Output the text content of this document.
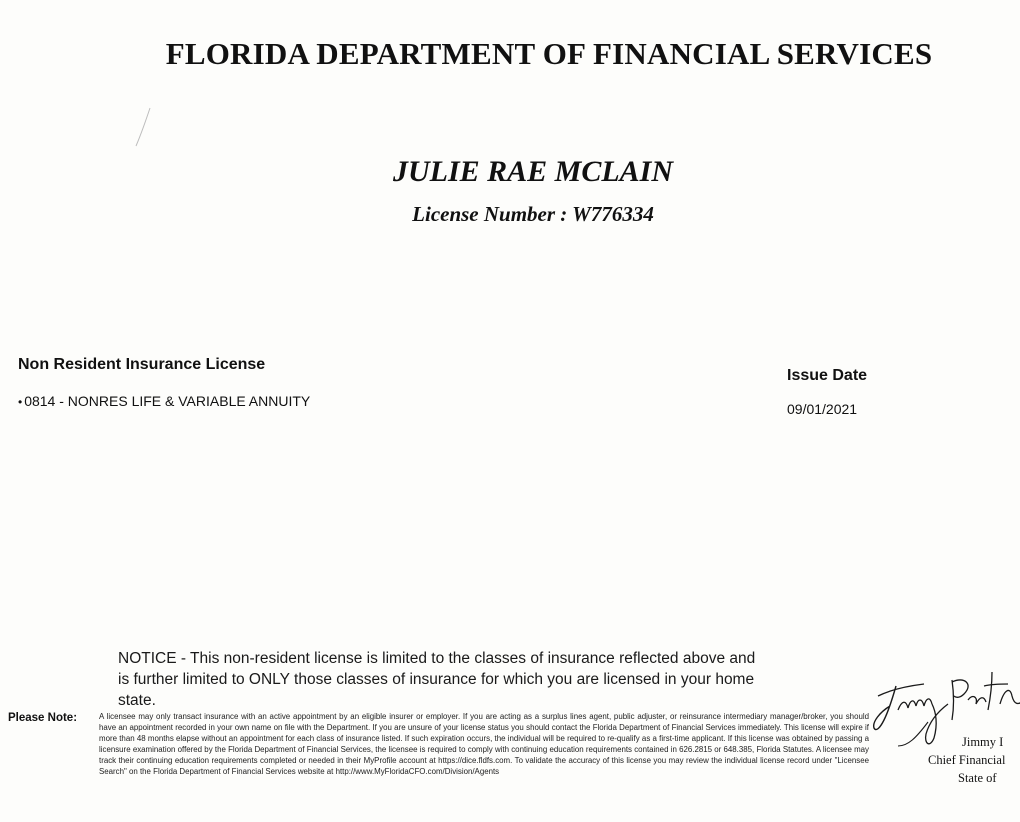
FLORIDA DEPARTMENT OF FINANCIAL SERVICES
JULIE RAE MCLAIN
License Number : W776334
Non Resident Insurance License
• 0814 - NONRES LIFE & VARIABLE ANNUITY
Issue Date
09/01/2021
NOTICE - This non-resident license is limited to the classes of insurance reflected above and is further limited to ONLY those classes of insurance for which you are licensed in your home state.
Please Note:	A licensee may only transact insurance with an active appointment by an eligible insurer or employer. If you are acting as a surplus lines agent, public adjuster, or reinsurance intermediary manager/broker, you should have an appointment recorded in your own name on file with the Department. If you are unsure of your license status you should contact the Florida Department of Financial Services immediately. This license will expire if more than 48 months elapse without an appointment for each class of insurance listed. If such expiration occurs, the individual will be required to re-qualify as a first-time applicant. If this license was obtained by passing a licensure examination offered by the Florida Department of Financial Services, the licensee is required to comply with continuing education requirements contained in 626.2815 or 648.385, Florida Statutes. A licensee may track their continuing education requirements completed or needed in their MyProfile account at https://dice.fldfs.com. To validate the accuracy of this license you may review the individual license record under "Licensee Search" on the Florida Department of Financial Services website at http://www.MyFloridaCFO.com/Division/Agents
Jimmy I
Chief Financial
State of
